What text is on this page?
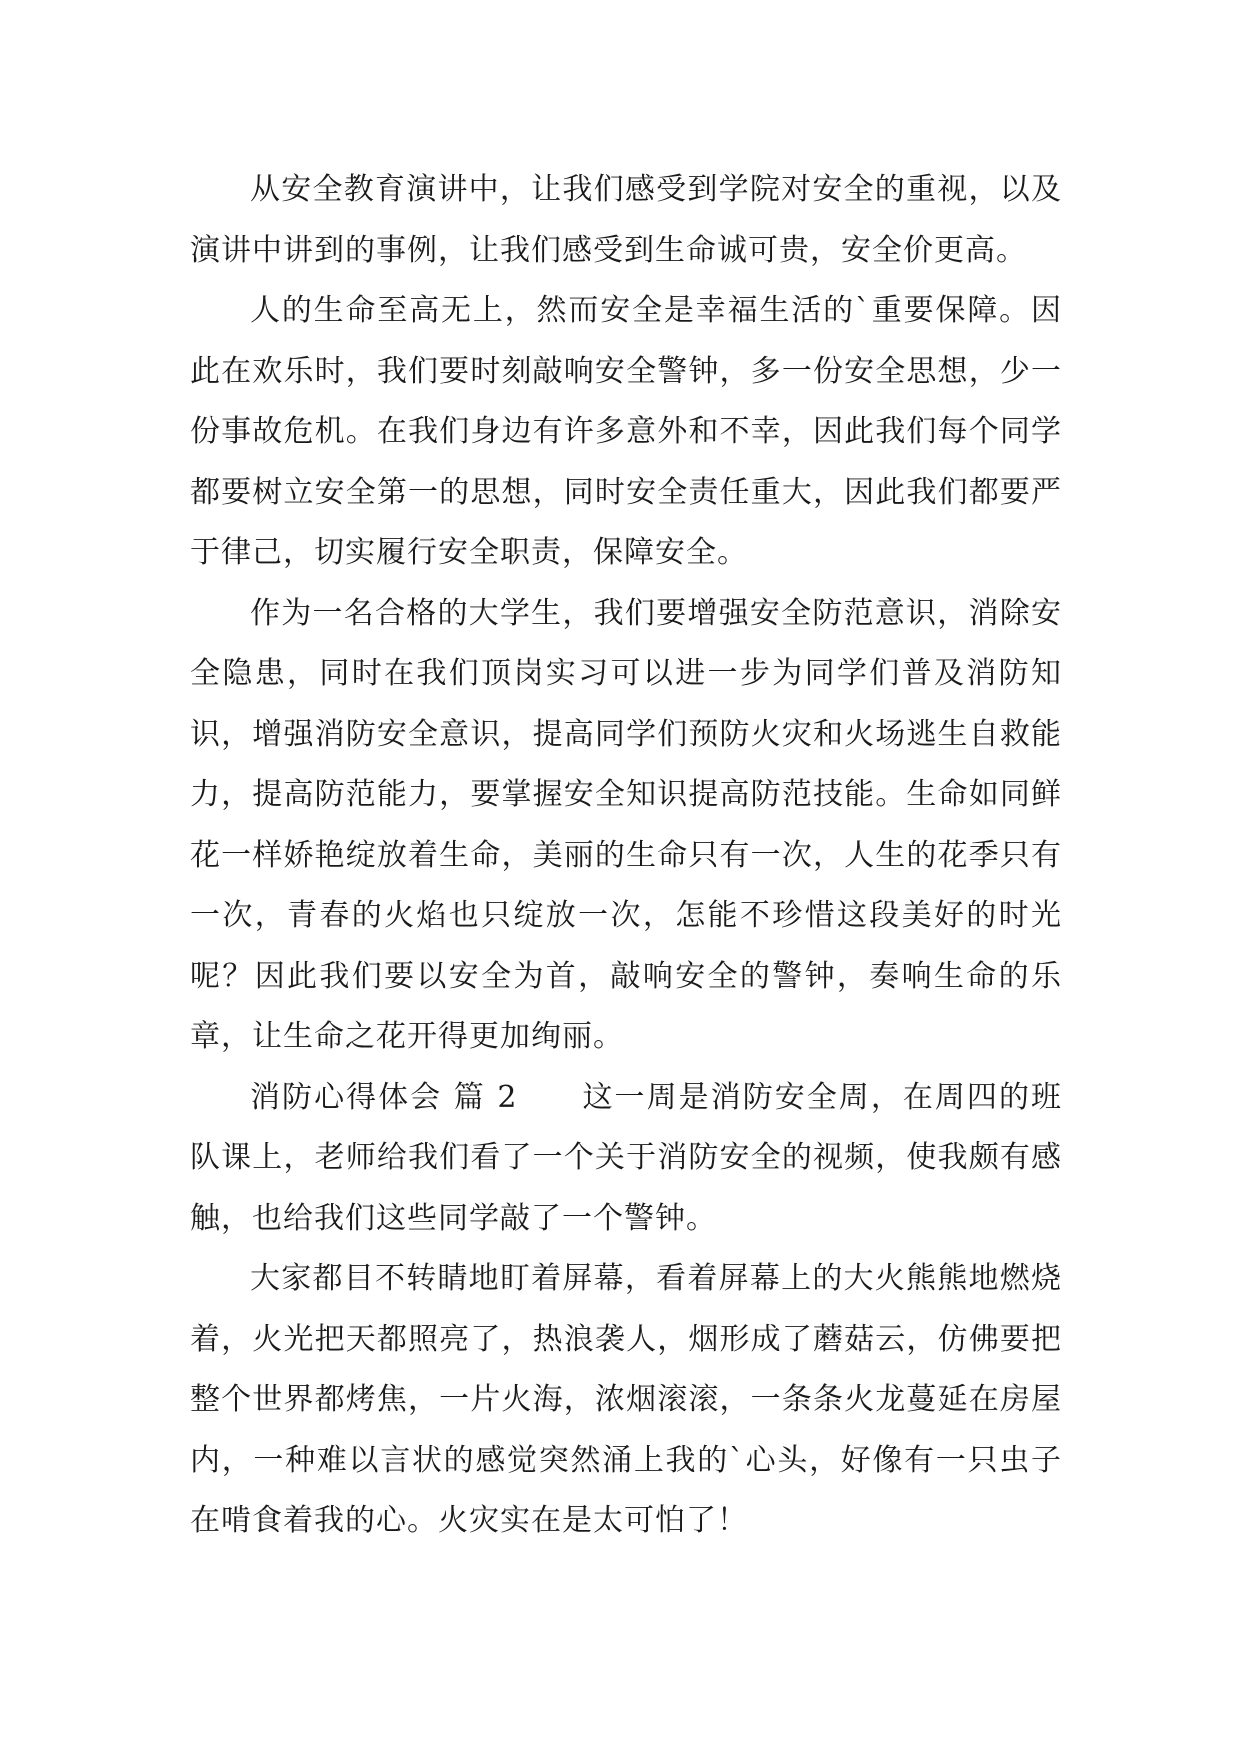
从安全教育演讲中，让我们感受到学院对安全的重视，以及演讲中讲到的事例，让我们感受到生命诚可贵，安全价更高。

人的生命至高无上，然而安全是幸福生活的`重要保障。因此在欢乐时，我们要时刻敲响安全警钟，多一份安全思想，少一份事故危机。在我们身边有许多意外和不幸，因此我们每个同学都要树立安全第一的思想，同时安全责任重大，因此我们都要严于律己，切实履行安全职责，保障安全。

作为一名合格的大学生，我们要增强安全防范意识，消除安全隐患，同时在我们顶岗实习可以进一步为同学们普及消防知识，增强消防安全意识，提高同学们预防火灾和火场逃生自救能力，提高防范能力，要掌握安全知识提高防范技能。生命如同鲜花一样娇艳绽放着生命，美丽的生命只有一次，人生的花季只有一次，青春的火焰也只绽放一次，怎能不珍惜这段美好的时光呢？因此我们要以安全为首，敲响安全的警钟，奏响生命的乐章，让生命之花开得更加绚丽。

消防心得体会 篇 2 这一周是消防安全周，在周四的班队课上，老师给我们看了一个关于消防安全的视频，使我颇有感触，也给我们这些同学敲了一个警钟。

大家都目不转睛地盯着屏幕，看着屏幕上的大火熊熊地燃烧着，火光把天都照亮了，热浪袭人，烟形成了蘑菇云，仿佛要把整个世界都烤焦，一片火海，浓烟滚滚，一条条火龙蔓延在房屋内，一种难以言状的感觉突然涌上我的`心头，好像有一只虫子在啃食着我的心。火灾实在是太可怕了！
